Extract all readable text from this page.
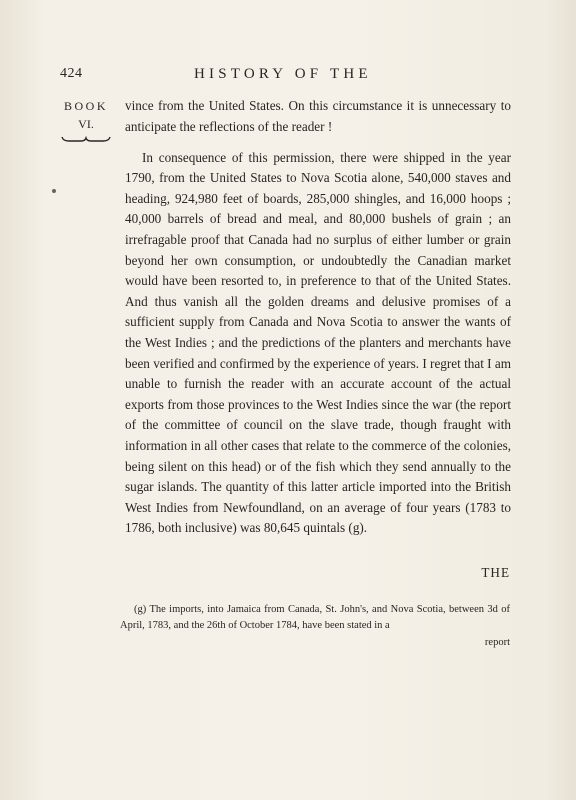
424	HISTORY OF THE
BOOK
VI.

vince from the United States. On this circumstance it is unnecessary to anticipate the reflections of the reader !

In consequence of this permission, there were shipped in the year 1790, from the United States to Nova Scotia alone, 540,000 staves and heading, 924,980 feet of boards, 285,000 shingles, and 16,000 hoops ; 40,000 barrels of bread and meal, and 80,000 bushels of grain ; an irrefragable proof that Canada had no surplus of either lumber or grain beyond her own consumption, or undoubtedly the Canadian market would have been resorted to, in preference to that of the United States. And thus vanish all the golden dreams and delusive promises of a sufficient supply from Canada and Nova Scotia to answer the wants of the West Indies ; and the predictions of the planters and merchants have been verified and confirmed by the experience of years. I regret that I am unable to furnish the reader with an accurate account of the actual exports from those provinces to the West Indies since the war (the report of the committee of council on the slave trade, though fraught with information in all other cases that relate to the commerce of the colonies, being silent on this head) or of the fish which they send annually to the sugar islands. The quantity of this latter article imported into the British West Indies from Newfoundland, on an average of four years (1783 to 1786, both inclusive) was 80,645 quintals (g).

THE
(g) The imports, into Jamaica from Canada, St. John's, and Nova Scotia, between 3d of April, 1783, and the 26th of October 1784, have been stated in a
report
